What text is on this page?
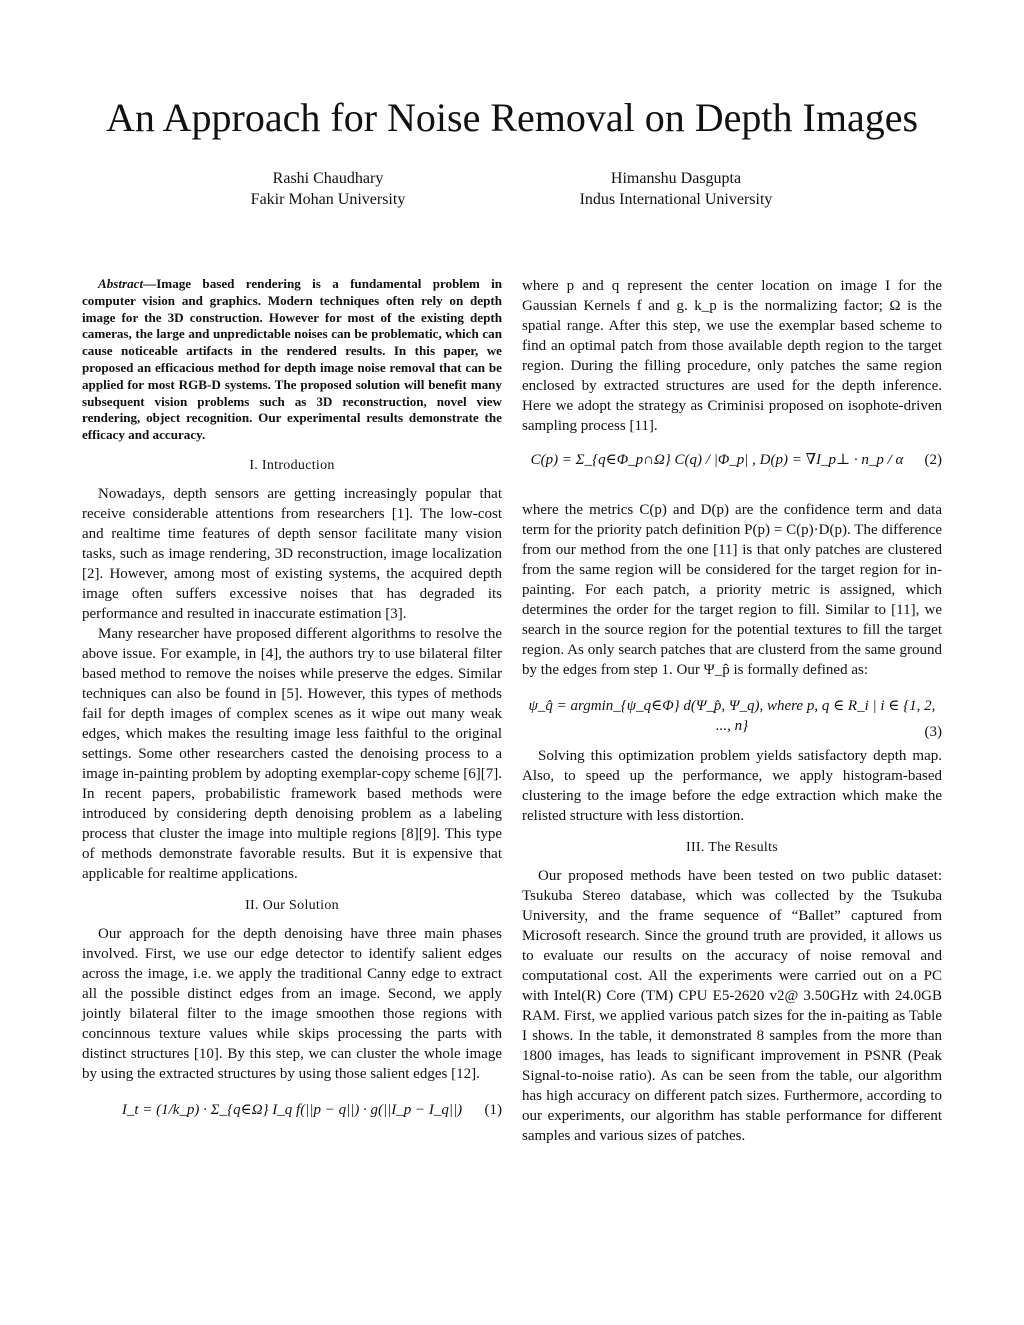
An Approach for Noise Removal on Depth Images
Rashi Chaudhary
Fakir Mohan University
Himanshu Dasgupta
Indus International University

Abstract—Image based rendering is a fundamental problem in computer vision and graphics. Modern techniques often rely on depth image for the 3D construction. However for most of the existing depth cameras, the large and unpredictable noises can be problematic, which can cause noticeable artifacts in the rendered results. In this paper, we proposed an efficacious method for depth image noise removal that can be applied for most RGB-D systems. The proposed solution will benefit many subsequent vision problems such as 3D reconstruction, novel view rendering, object recognition. Our experimental results demonstrate the efficacy and accuracy.

I. Introduction

Nowadays, depth sensors are getting increasingly popular that receive considerable attentions from researchers [1]. The low-cost and realtime time features of depth sensor facilitate many vision tasks, such as image rendering, 3D reconstruction, image localization [2]. However, among most of existing systems, the acquired depth image often suffers excessive noises that has degraded its performance and resulted in inaccurate estimation [3].

Many researcher have proposed different algorithms to resolve the above issue. For example, in [4], the authors try to use bilateral filter based method to remove the noises while preserve the edges. Similar techniques can also be found in [5]. However, this types of methods fail for depth images of complex scenes as it wipe out many weak edges, which makes the resulting image less faithful to the original settings. Some other researchers casted the denoising process to a image in-painting problem by adopting exemplar-copy scheme [6][7]. In recent papers, probabilistic framework based methods were introduced by considering depth denoising problem as a labeling process that cluster the image into multiple regions [8][9]. This type of methods demonstrate favorable results. But it is expensive that applicable for realtime applications.

II. Our Solution

Our approach for the depth denoising have three main phases involved. First, we use our edge detector to identify salient edges across the image, i.e. we apply the traditional Canny edge to extract all the possible distinct edges from an image. Second, we apply jointly bilateral filter to the image smoothen those regions with concinnous texture values while skips processing the parts with distinct structures [10]. By this step, we can cluster the whole image by using the extracted structures by using those salient edges [12].

I_t = (1/k_p) · Σ_{q∈Ω} I_q f(||p − q||) · g(||I_p − I_q||)	(1)

where p and q represent the center location on image I for the Gaussian Kernels f and g. k_p is the normalizing factor; Ω is the spatial range. After this step, we use the exemplar based scheme to find an optimal patch from those available depth region to the target region. During the filling procedure, only patches the same region enclosed by extracted structures are used for the depth inference. Here we adopt the strategy as Criminisi proposed on isophote-driven sampling process [11].

C(p) = Σ_{q∈Φ_p∩Ω} C(q) / |Φ_p| , D(p) = ∇I_p⊥ · n_p / α	(2)

where the metrics C(p) and D(p) are the confidence term and data term for the priority patch definition P(p) = C(p)·D(p). The difference from our method from the one [11] is that only patches are clustered from the same region will be considered for the target region for in-painting. For each patch, a priority metric is assigned, which determines the order for the target region to fill. Similar to [11], we search in the source region for the potential textures to fill the target region. As only search patches that are clusterd from the same ground by the edges from step 1. Our Ψ_p̂ is formally defined as:

ψ_q̂ = argmin_{ψ_q∈Φ} d(Ψ_p̂, Ψ_q), where p, q ∈ R_i | i ∈ {1, 2, ..., n}	(3)

Solving this optimization problem yields satisfactory depth map. Also, to speed up the performance, we apply histogram-based clustering to the image before the edge extraction which make the relisted structure with less distortion.

III. The Results

Our proposed methods have been tested on two public dataset: Tsukuba Stereo database, which was collected by the Tsukuba University, and the frame sequence of “Ballet” captured from Microsoft research. Since the ground truth are provided, it allows us to evaluate our results on the accuracy of noise removal and computational cost. All the experiments were carried out on a PC with Intel(R) Core (TM) CPU E5-2620 v2@ 3.50GHz with 24.0GB RAM. First, we applied various patch sizes for the in-paiting as Table I shows. In the table, it demonstrated 8 samples from the more than 1800 images, has leads to significant improvement in PSNR (Peak Signal-to-noise ratio). As can be seen from the table, our algorithm has high accuracy on different patch sizes. Furthermore, according to our experiments, our algorithm has stable performance for different samples and various sizes of patches.
